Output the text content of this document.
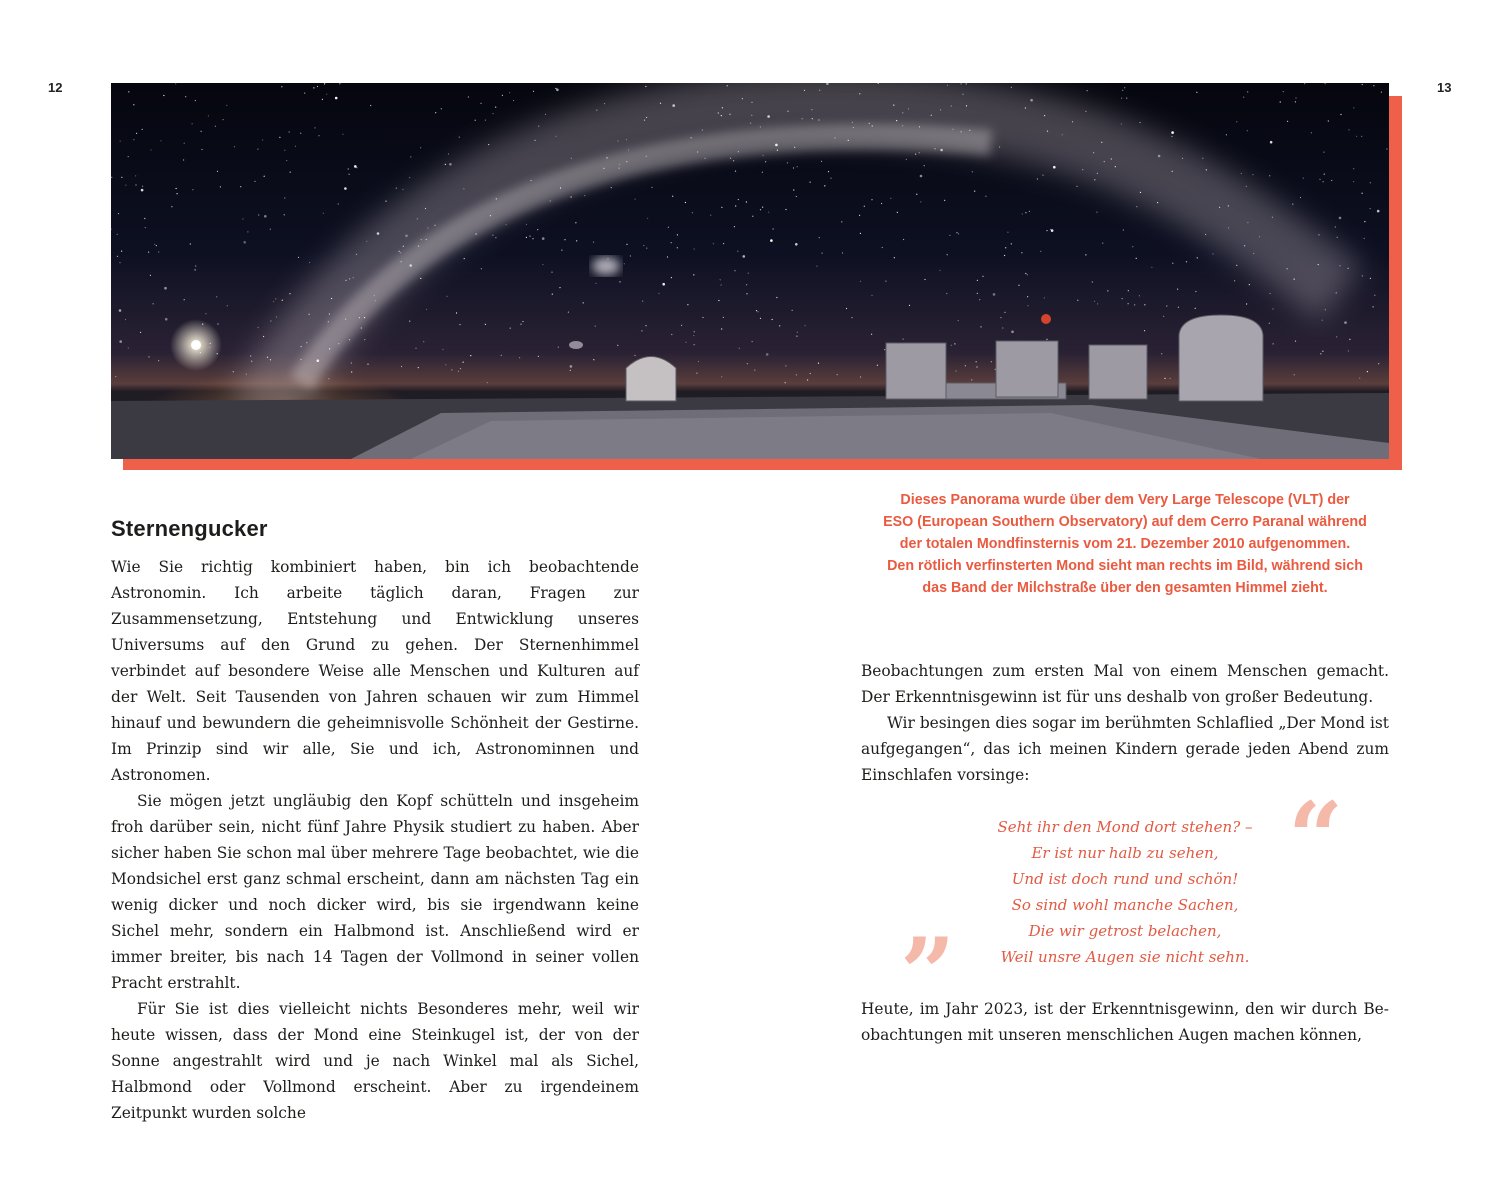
12	13

Dieses Panorama wurde über dem Very Large Telescope (VLT) der

ESO (European Southern Observatory) auf dem Cerro Paranal während

der totalen Mondfinsternis vom 21. Dezember 2010 aufgenommen.

Den rötlich verfinsterten Mond sieht man rechts im Bild, während sich

das Band der Milchstraße über den gesamten Himmel zieht.

Sternengucker

Wie Sie richtig kombiniert haben, bin ich beobachtende Astronomin. Ich arbeite täglich daran, Fragen zur Zusammensetzung, Entstehung und Entwicklung unseres Universums auf den Grund zu gehen. Der Sternenhimmel verbindet auf besondere Weise alle Menschen und Kulturen auf der Welt. Seit Tausenden von Jahren schauen wir zum Himmel hinauf und bewundern die geheimnisvolle Schönheit der Gestirne. Im Prinzip sind wir alle, Sie und ich, Astronominnen und Astronomen.

Sie mögen jetzt ungläubig den Kopf schütteln und insgeheim froh darüber sein, nicht fünf Jahre Physik studiert zu haben. Aber sicher haben Sie schon mal über mehrere Tage beobachtet, wie die Mondsichel erst ganz schmal erscheint, dann am nächsten Tag ein wenig dicker und noch dicker wird, bis sie irgendwann keine Sichel mehr, sondern ein Halbmond ist. Anschließend wird er immer breiter, bis nach 14 Tagen der Vollmond in seiner vollen Pracht erstrahlt.

Für Sie ist dies vielleicht nichts Besonderes mehr, weil wir heute wissen, dass der Mond eine Steinkugel ist, der von der Sonne angestrahlt wird und je nach Winkel mal als Sichel, Halbmond oder Vollmond erscheint. Aber zu irgendeinem Zeitpunkt wurden solche

Beobachtungen zum ersten Mal von einem Menschen gemacht. Der Erkenntnisgewinn ist für uns deshalb von großer Bedeutung.

Wir besingen dies sogar im berühmten Schlaflied „Der Mond ist aufgegangen“, das ich meinen Kindern gerade jeden Abend zum Einschlafen vorsinge:

“

Seht ihr den Mond dort stehen? –

Er ist nur halb zu sehen,

Und ist doch rund und schön!

So sind wohl manche Sachen,

Die wir getrost belachen,

Weil unsre Augen sie nicht sehn.

”

Heute, im Jahr 2023, ist der Erkenntnisgewinn, den wir durch Beobachtungen mit unseren menschlichen Augen machen können,
